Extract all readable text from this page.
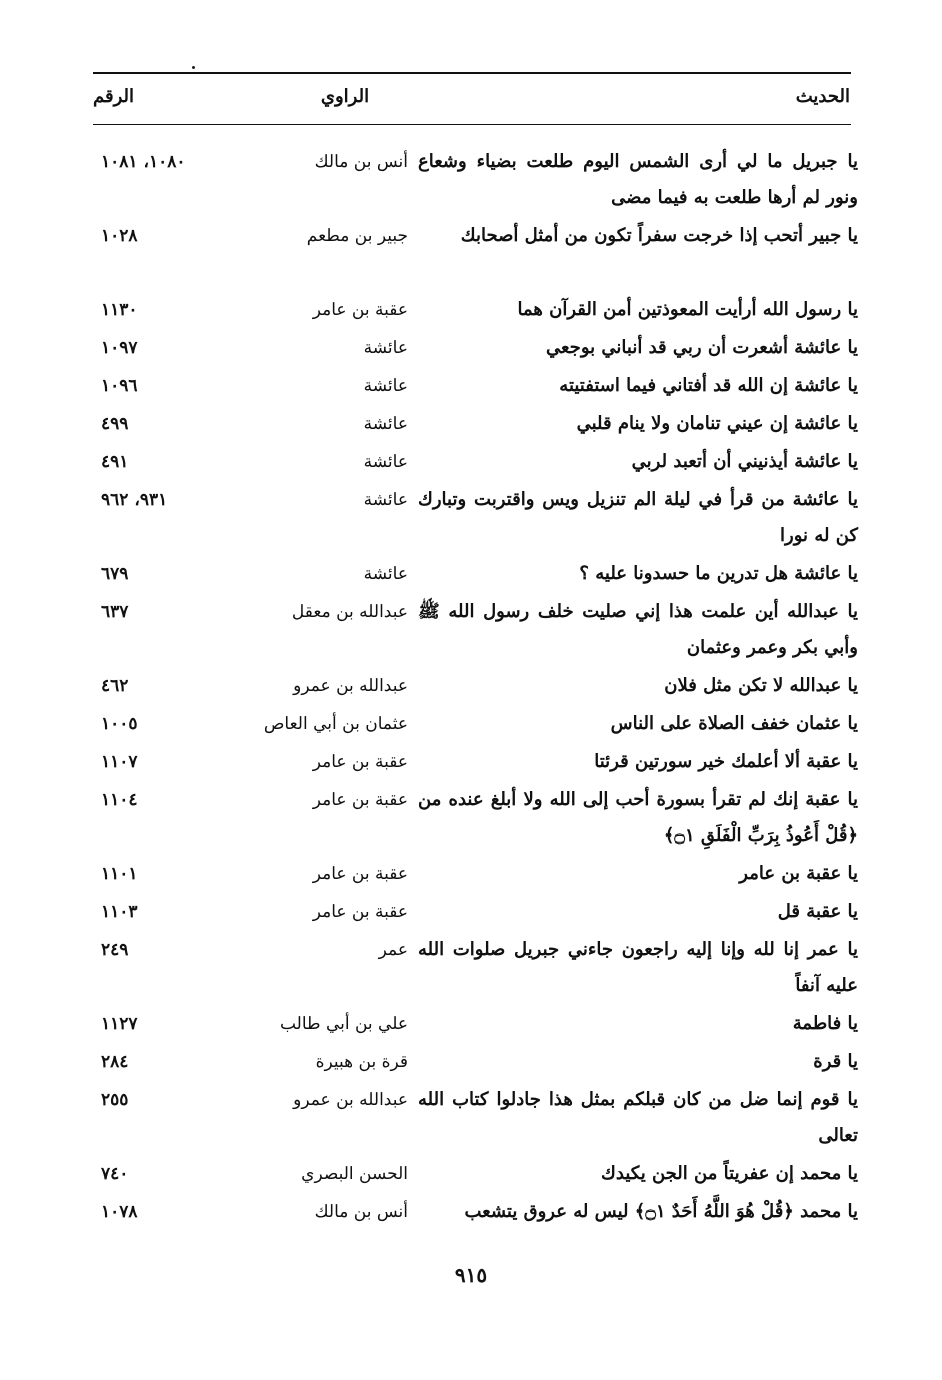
الحديث
الراوي
الرقم
يا جبريل ما لي أرى الشمس اليوم طلعت بضياء وشعاع ونور لم أرها طلعت به فيما مضى
أنس بن مالك
١٠٨٠، ١٠٨١
يا جبير أتحب إذا خرجت سفراً تكون من أمثل أصحابك
جبير بن مطعم
١٠٢٨
يا رسول الله أرأيت المعوذتين أمن القرآن هما
عقبة بن عامر
١١٣٠
يا عائشة أشعرت أن ربي قد أنباني بوجعي
عائشة
١٠٩٧
يا عائشة إن الله قد أفتاني فيما استفتيته
عائشة
١٠٩٦
يا عائشة إن عيني تنامان ولا ينام قلبي
عائشة
٤٩٩
يا عائشة أيذنيني أن أتعبد لربي
عائشة
٤٩١
يا عائشة من قرأ في ليلة الم تنزيل ويس واقتربت وتبارك كن له نورا
عائشة
٩٣١، ٩٦٢
يا عائشة هل تدرين ما حسدونا عليه ؟
عائشة
٦٧٩
يا عبدالله أين علمت هذا إني صليت خلف رسول الله ﷺ وأبي بكر وعمر وعثمان
عبدالله بن معقل
٦٣٧
يا عبدالله لا تكن مثل فلان
عبدالله بن عمرو
٤٦٢
يا عثمان خفف الصلاة على الناس
عثمان بن أبي العاص
١٠٠٥
يا عقبة ألا أعلمك خير سورتين قرئتا
عقبة بن عامر
١١٠٧
يا عقبة إنك لم تقرأ بسورة أحب إلى الله ولا أبلغ عنده من ﴿قُلْ أَعُوذُ بِرَبِّ الْفَلَقِ ۝١﴾
عقبة بن عامر
١١٠٤
يا عقبة بن عامر
عقبة بن عامر
١١٠١
يا عقبة قل
عقبة بن عامر
١١٠٣
يا عمر إنا لله وإنا إليه راجعون جاءني جبريل صلوات الله عليه آنفاً
عمر
٢٤٩
يا فاطمة
علي بن أبي طالب
١١٢٧
يا قرة
قرة بن هبيرة
٢٨٤
يا قوم إنما ضل من كان قبلكم بمثل هذا جادلوا كتاب الله تعالى
عبدالله بن عمرو
٢٥٥
يا محمد إن عفريتاً من الجن يكيدك
الحسن البصري
٧٤٠
يا محمد ﴿قُلْ هُوَ اللَّهُ أَحَدٌ ۝١﴾ ليس له عروق يتشعب
أنس بن مالك
١٠٧٨
٩١٥
